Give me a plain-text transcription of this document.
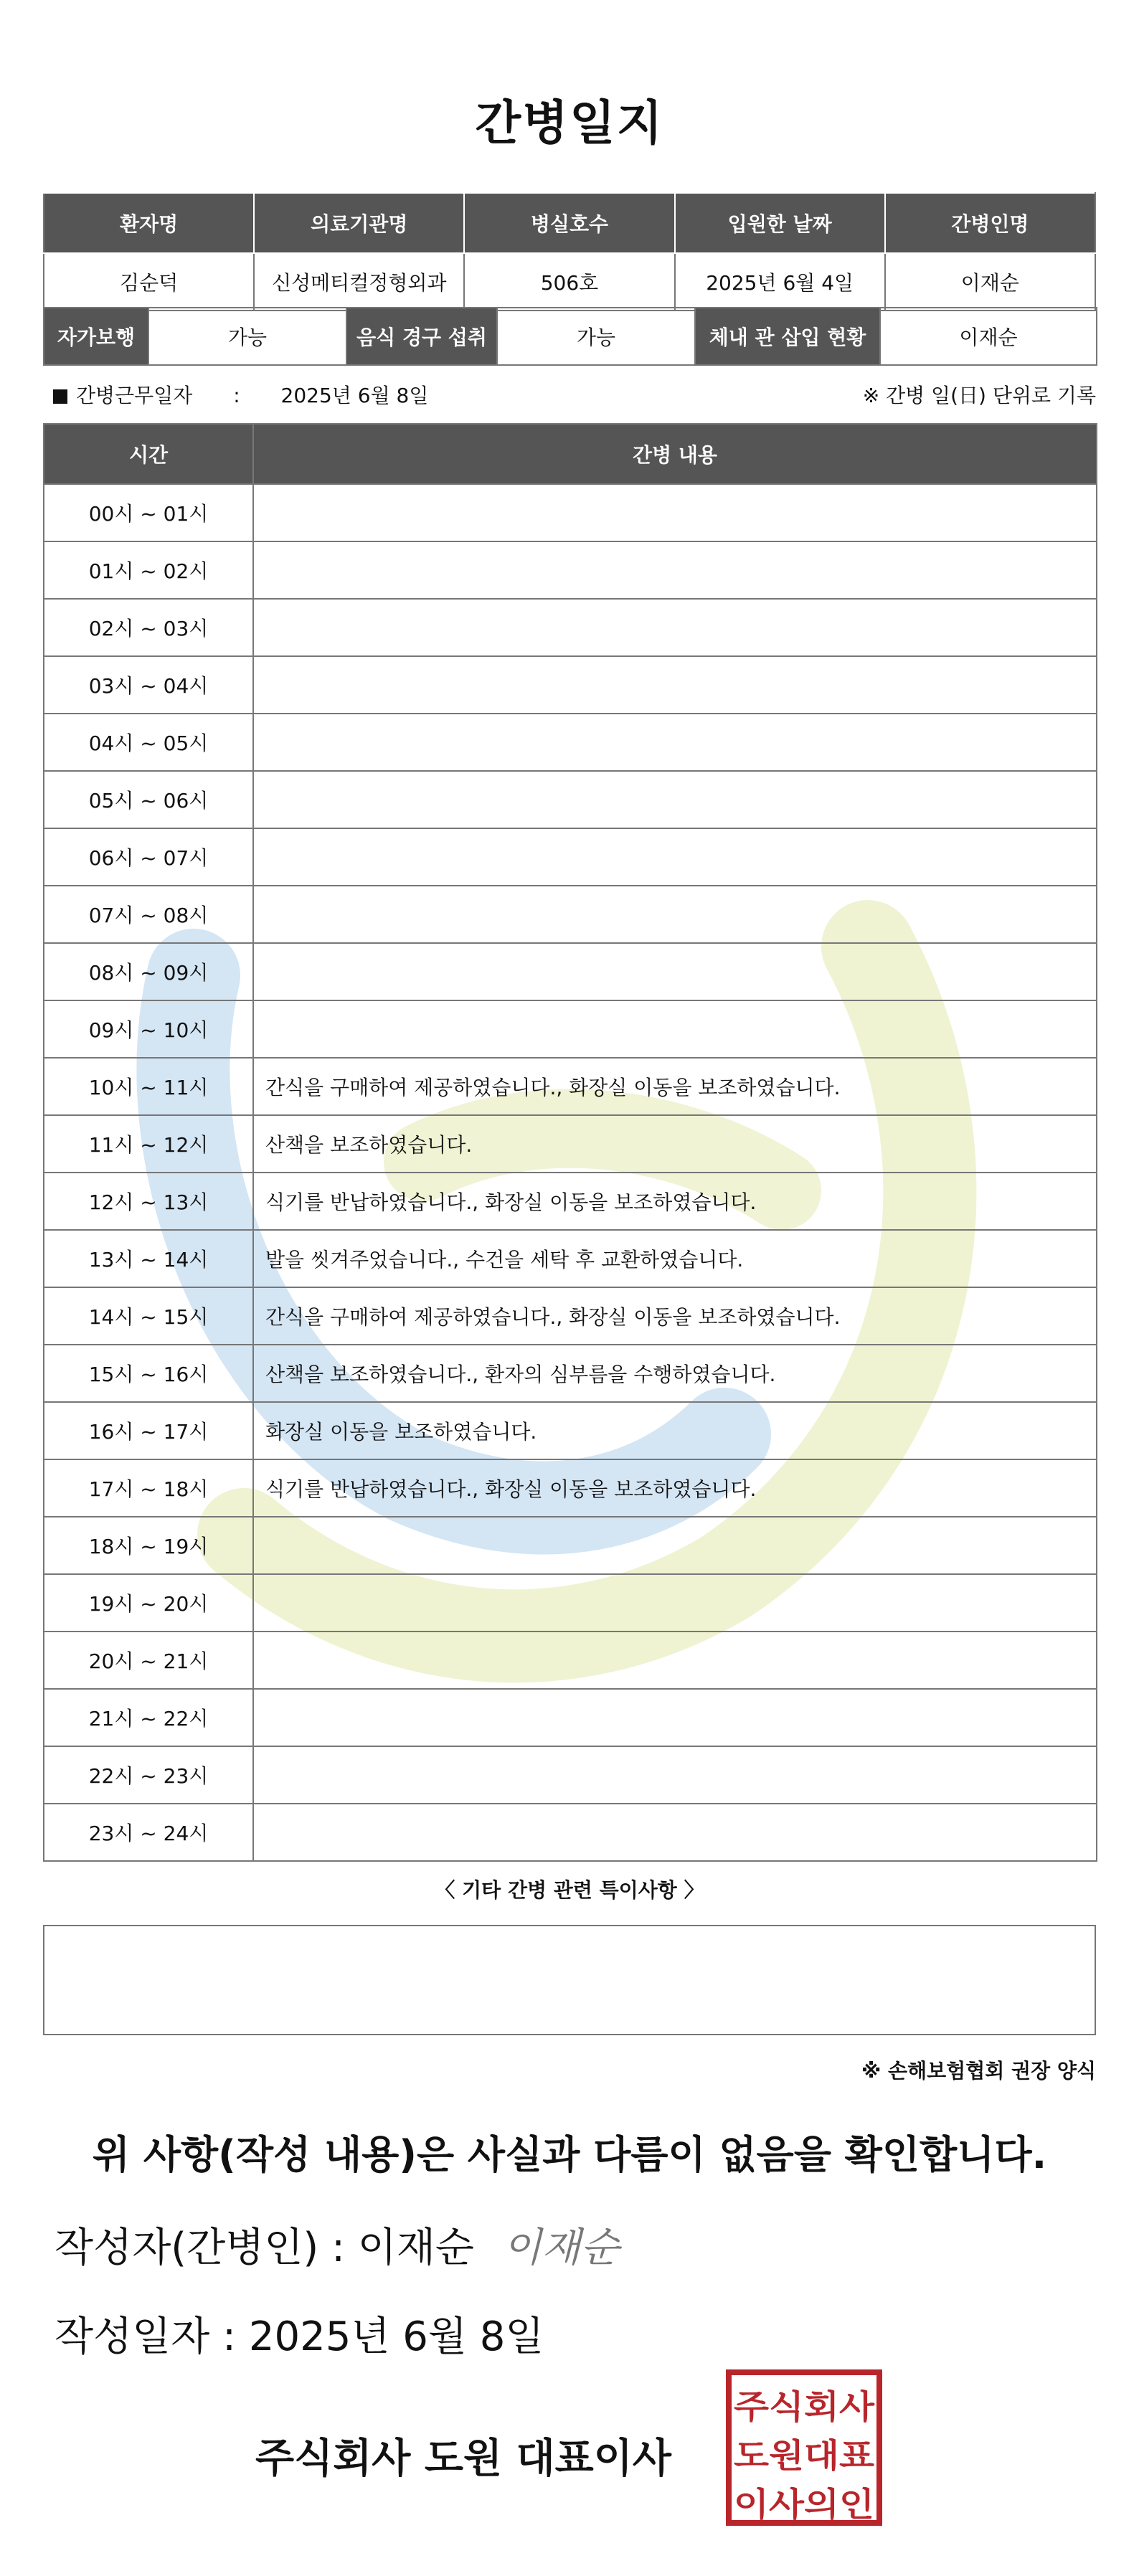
간병일지
환자명	의료기관명	병실호수	입원한 날짜	간병인명
김순덕	신성메티컬정형외과	506호	2025년 6월 4일	이재순
자가보행	가능	음식 경구 섭취	가능	체내 관 삽입 현황	이재순
간병근무일자 : 2025년 6월 8일	※ 간병 일(日) 단위로 기록
시간	간병 내용
00시 ~ 01시	
01시 ~ 02시	
02시 ~ 03시	
03시 ~ 04시	
04시 ~ 05시	
05시 ~ 06시	
06시 ~ 07시	
07시 ~ 08시	
08시 ~ 09시	
09시 ~ 10시	
10시 ~ 11시	간식을 구매하여 제공하였습니다., 화장실 이동을 보조하였습니다.
11시 ~ 12시	산책을 보조하였습니다.
12시 ~ 13시	식기를 반납하였습니다., 화장실 이동을 보조하였습니다.
13시 ~ 14시	발을 씻겨주었습니다., 수건을 세탁 후 교환하였습니다.
14시 ~ 15시	간식을 구매하여 제공하였습니다., 화장실 이동을 보조하였습니다.
15시 ~ 16시	산책을 보조하였습니다., 환자의 심부름을 수행하였습니다.
16시 ~ 17시	화장실 이동을 보조하였습니다.
17시 ~ 18시	식기를 반납하였습니다., 화장실 이동을 보조하였습니다.
18시 ~ 19시	
19시 ~ 20시	
20시 ~ 21시	
21시 ~ 22시	
22시 ~ 23시	
23시 ~ 24시	
〈 기타 간병 관련 특이사항 〉
※ 손해보험협회 권장 양식
위 사항(작성 내용)은 사실과 다름이 없음을 확인합니다.
작성자(간병인) : 이재순 이재순
작성일자 : 2025년 6월 8일
주식회사 도원 대표이사
주식회사
도원대표
이사의인
